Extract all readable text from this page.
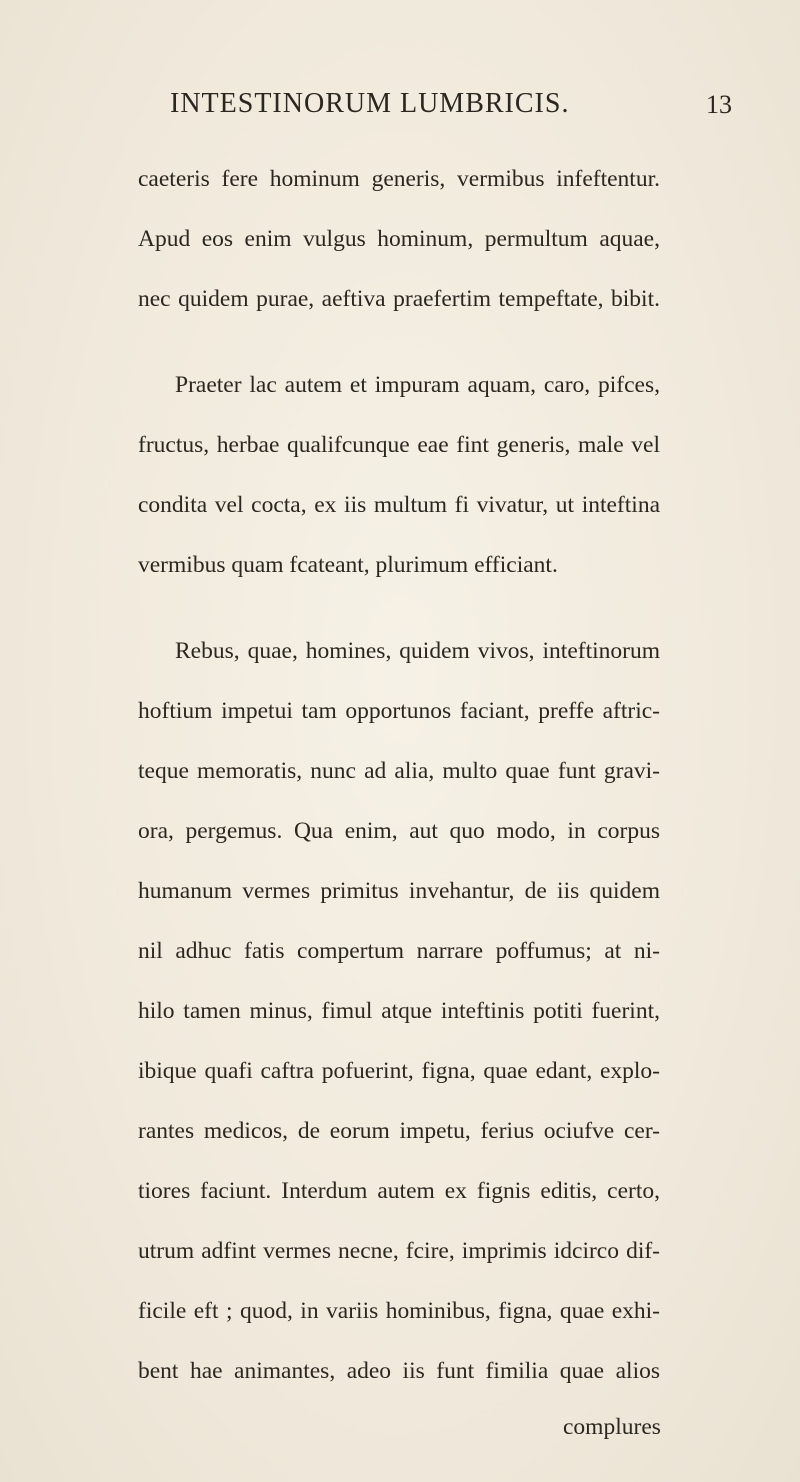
INTESTINORUM LUMBRICIS.	13
caeteris fere hominum generis, vermibus infeftentur.
Apud eos enim vulgus hominum, permultum aquae,
nec quidem purae, aeftiva praefertim tempeftate, bibit.
Praeter lac autem et impuram aquam, caro, pifces,
fructus, herbae qualifcunque eae fint generis, male vel
condita vel cocta, ex iis multum fi vivatur, ut inteftina
vermibus quam fcateant, plurimum efficiant.
Rebus, quae, homines, quidem vivos, inteftinorum
hoftium impetui tam opportunos faciant, preffe aftric-
teque memoratis, nunc ad alia, multo quae funt gravi-
ora, pergemus. Qua enim, aut quo modo, in corpus
humanum vermes primitus invehantur, de iis quidem
nil adhuc fatis compertum narrare poffumus; at ni-
hilo tamen minus, fimul atque inteftinis potiti fuerint,
ibique quafi caftra pofuerint, figna, quae edant, explo-
rantes medicos, de eorum impetu, ferius ociufve cer-
tiores faciunt. Interdum autem ex fignis editis, certo,
utrum adfint vermes necne, fcire, imprimis idcirco dif-
ficile eft ; quod, in variis hominibus, figna, quae exhi-
bent hae animantes, adeo iis funt fimilia quae alios
complures
